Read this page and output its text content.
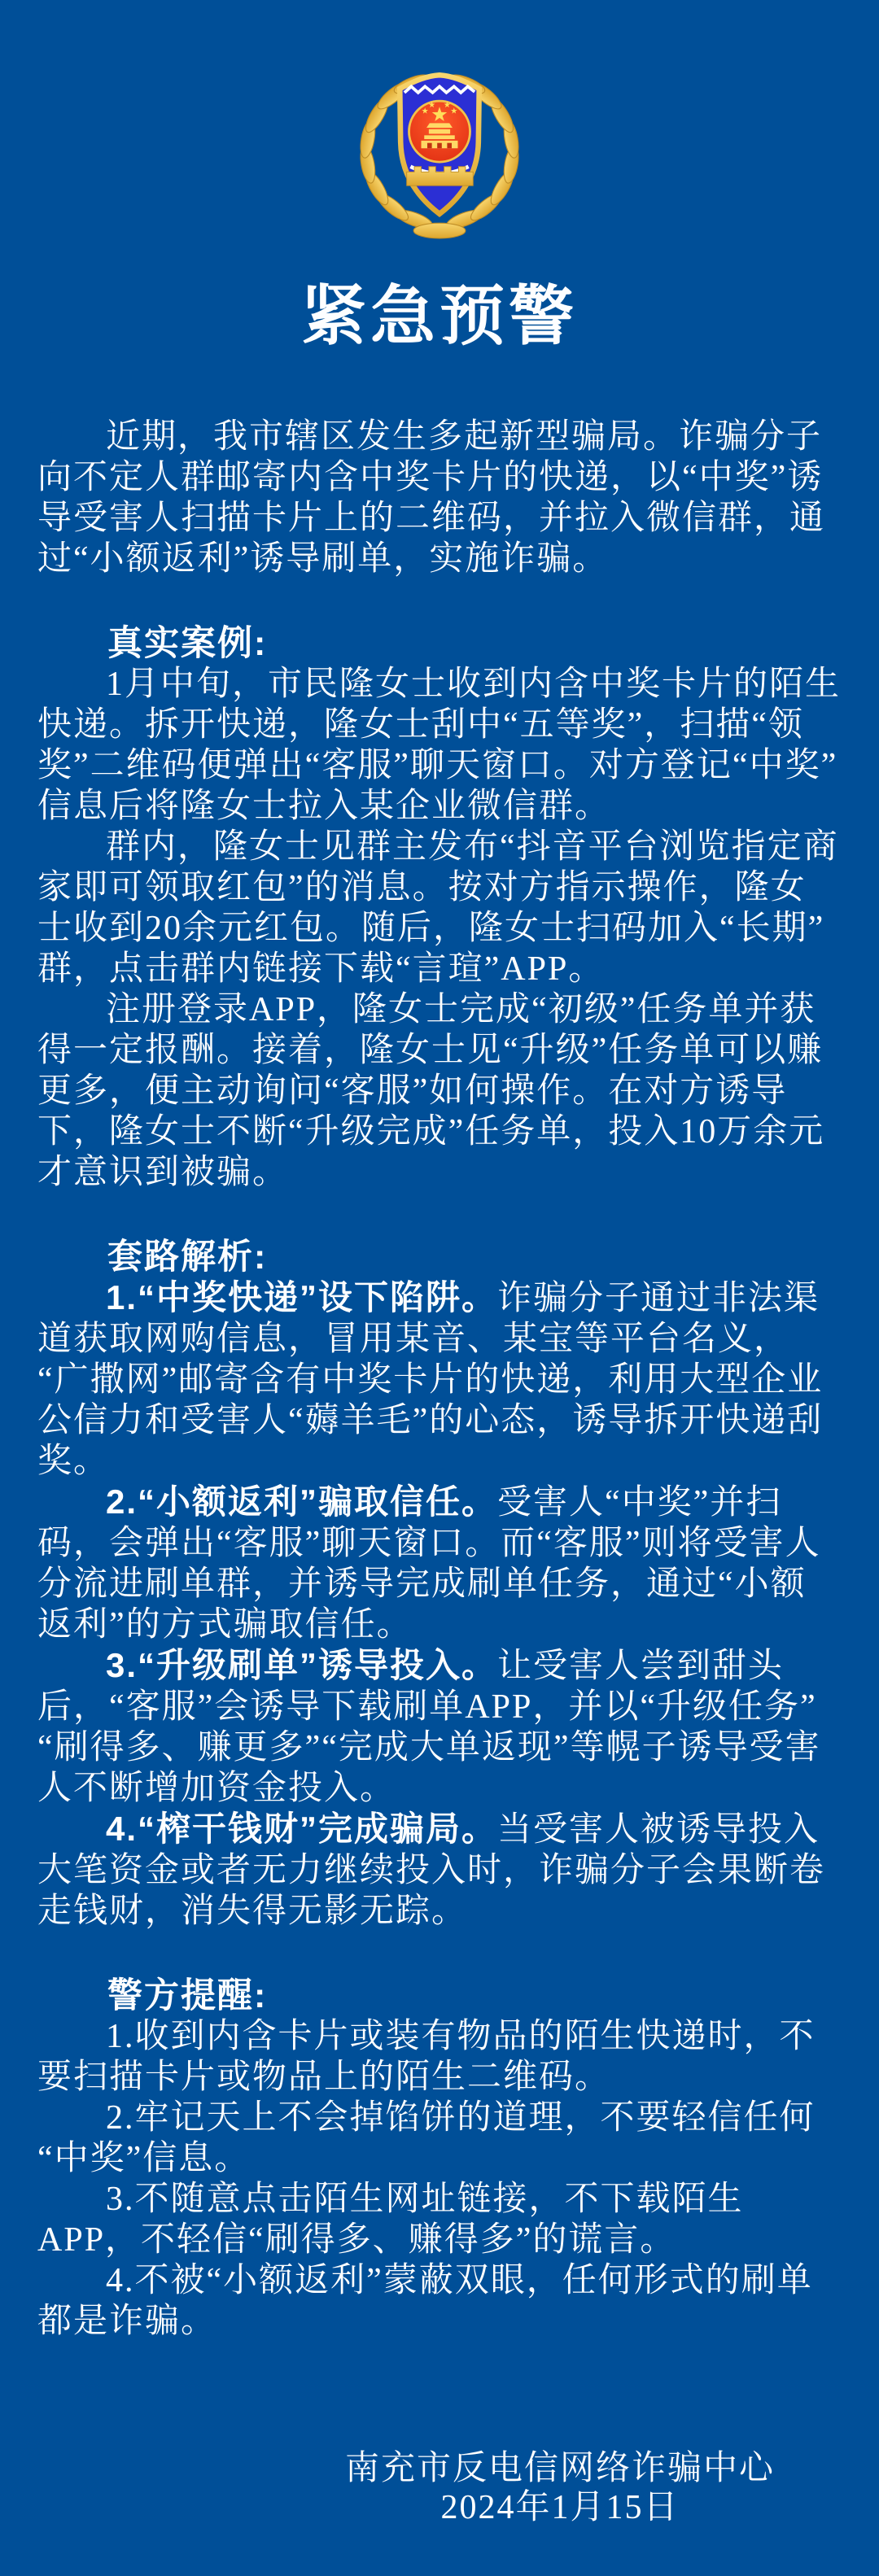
紧急预警

近期，我市辖区发生多起新型骗局。诈骗分子向不定人群邮寄内含中奖卡片的快递，以“中奖”诱导受害人扫描卡片上的二维码，并拉入微信群，通过“小额返利”诱导刷单，实施诈骗。

真实案例:

1月中旬，市民隆女士收到内含中奖卡片的陌生快递。拆开快递，隆女士刮中“五等奖”，扫描“领奖”二维码便弹出“客服”聊天窗口。对方登记“中奖”信息后将隆女士拉入某企业微信群。

群内，隆女士见群主发布“抖音平台浏览指定商家即可领取红包”的消息。按对方指示操作，隆女士收到20余元红包。随后，隆女士扫码加入“长期”群，点击群内链接下载“言瑄”APP。

注册登录APP，隆女士完成“初级”任务单并获得一定报酬。接着，隆女士见“升级”任务单可以赚更多，便主动询问“客服”如何操作。在对方诱导下，隆女士不断“升级完成”任务单，投入10万余元才意识到被骗。

套路解析:

1.“中奖快递”设下陷阱。诈骗分子通过非法渠道获取网购信息，冒用某音、某宝等平台名义，“广撒网”邮寄含有中奖卡片的快递，利用大型企业公信力和受害人“薅羊毛”的心态，诱导拆开快递刮奖。

2.“小额返利”骗取信任。受害人“中奖”并扫码，会弹出“客服”聊天窗口。而“客服”则将受害人分流进刷单群，并诱导完成刷单任务，通过“小额返利”的方式骗取信任。

3.“升级刷单”诱导投入。让受害人尝到甜头后，“客服”会诱导下载刷单APP，并以“升级任务”“刷得多、赚更多”“完成大单返现”等幌子诱导受害人不断增加资金投入。

4.“榨干钱财”完成骗局。当受害人被诱导投入大笔资金或者无力继续投入时，诈骗分子会果断卷走钱财，消失得无影无踪。

警方提醒:

1.收到内含卡片或装有物品的陌生快递时，不要扫描卡片或物品上的陌生二维码。

2.牢记天上不会掉馅饼的道理，不要轻信任何“中奖”信息。

3.不随意点击陌生网址链接，不下载陌生APP，不轻信“刷得多、赚得多”的谎言。

4.不被“小额返利”蒙蔽双眼，任何形式的刷单都是诈骗。

南充市反电信网络诈骗中心
2024年1月15日
